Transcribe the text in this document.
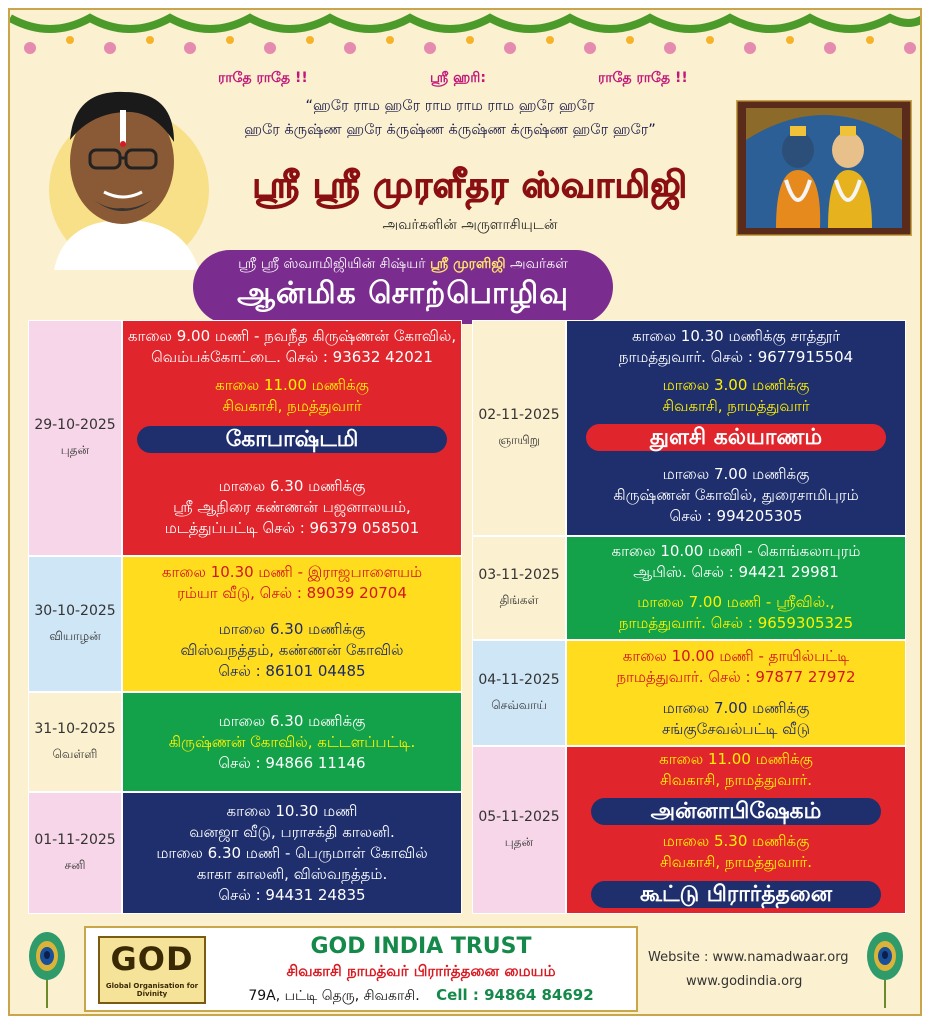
ராதே ராதே !!	ஸ்ரீ ஹரி:	ராதே ராதே !!
“ஹரே ராம ஹரே ராம ராம ராம ஹரே ஹரே
ஹரே க்ருஷ்ண ஹரே க்ருஷ்ண க்ருஷ்ண க்ருஷ்ண ஹரே ஹரே”
ஸ்ரீ ஸ்ரீ முரளீதர ஸ்வாமிஜி
அவர்களின் அருளாசியுடன்
ஸ்ரீ ஸ்ரீ ஸ்வாமிஜியின் சிஷ்யர் ஸ்ரீ முரளிஜி அவர்கள்
ஆன்மிக சொற்பொழிவு
29-10-2025
புதன்
காலை 9.00 மணி - நவநீத கிருஷ்ணன் கோவில்,
வெம்பக்கோட்டை. செல் : 93632 42021
காலை 11.00 மணிக்கு
சிவகாசி, நமத்துவார்
கோபாஷ்டமி
மாலை 6.30 மணிக்கு
ஸ்ரீ ஆநிரை கண்ணன் பஜனாலயம்,
மடத்துப்பட்டி செல் : 96379 058501
30-10-2025
வியாழன்
காலை 10.30 மணி - இராஜபாளையம்
ரம்யா வீடு, செல் : 89039 20704
மாலை 6.30 மணிக்கு
விஸ்வநத்தம், கண்ணன் கோவில்
செல் : 86101 04485
31-10-2025
வெள்ளி
மாலை 6.30 மணிக்கு
கிருஷ்ணன் கோவில், கட்டளப்பட்டி.
செல் : 94866 11146
01-11-2025
சனி
காலை 10.30 மணி
வனஜா வீடு, பராசக்தி காலனி.
மாலை 6.30 மணி - பெருமாள் கோவில்
காகா காலனி, விஸ்வநத்தம்.
செல் : 94431 24835
02-11-2025
ஞாயிறு
காலை 10.30 மணிக்கு சாத்தூர்
நாமத்துவார். செல் : 9677915504
மாலை 3.00 மணிக்கு
சிவகாசி, நாமத்துவார்
துளசி கல்யாணம்
மாலை 7.00 மணிக்கு
கிருஷ்ணன் கோவில், துரைசாமிபுரம்
செல் : 994205305
03-11-2025
திங்கள்
காலை 10.00 மணி - கொங்கலாபுரம்
ஆபிஸ். செல் : 94421 29981
மாலை 7.00 மணி - ஸ்ரீவில்.,
நாமத்துவார். செல் : 9659305325
04-11-2025
செவ்வாய்
காலை 10.00 மணி - தாயில்பட்டி
நாமத்துவார். செல் : 97877 27972
மாலை 7.00 மணிக்கு
சங்குசேவல்பட்டி வீடு
05-11-2025
புதன்
காலை 11.00 மணிக்கு
சிவகாசி, நாமத்துவார்.
அன்னாபிஷேகம்
மாலை 5.30 மணிக்கு
சிவகாசி, நாமத்துவார்.
கூட்டு பிரார்த்தனை
GOD
Global Organisation for Divinity
GOD INDIA TRUST
சிவகாசி நாமத்வர் பிரார்த்தனை மையம்
79A, பட்டி தெரு, சிவகாசி. Cell : 94864 84692
Website : www.namadwaar.org
www.godindia.org
